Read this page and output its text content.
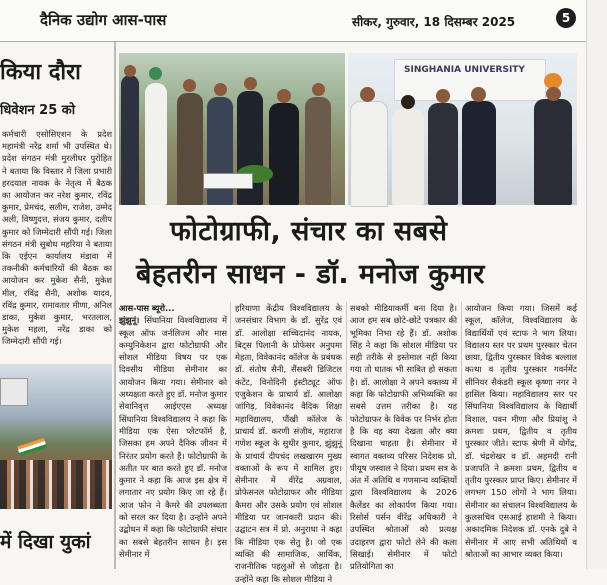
दैनिक उद्योग आस-पास	सीकर, गुरुवार, 18 दिसम्बर 2025	5
किया दौरा
धिवेशन 25 को
कर्मचारी एसोसिएशन के प्रदेश महामंत्री नरेंद्र शर्मा भी उपस्थित थे। प्रदेश संगठन मंत्री मुरलीधर पुरोहित ने बताया कि विस्तार में जिला प्रभारी हरदयाल नायक के नेतृत्व में बैठक का आयोजन कर नरेश कुमार, रविंद्र कुमार, प्रेमचंद, सलीम, राजेश, उम्मेद अली, विष्णुदत्त, संजय कुमार, दलीप कुमार को जिम्मेदारी सौंपी गई। जिला संगठन मंत्री सुबोध महरिया ने बताया कि एईएन कार्यालय मंडावा में तकनीकी कर्मचारियों की बैठक का आयोजन कर मुकेश सैनी, मुकेश मील, रविंद्र सैनी, अशोक यादव, रविंद्र कुमार, रामावतार मीणा, अनिल डाका, मुकेश कुमार, भरतलाल, मुकेश महला, नरेंद्र डाका को जिम्मेदारी सौंपी गई।
में दिखा युकां
SINGHANIA UNIVERSITY
फोटोग्राफी, संचार का सबसे
बेहतरीन साधन - डॉ. मनोज कुमार
आस-पास ब्यूरो...
झुंझुनूं। सिंघानिया विश्वविद्यालय में स्कूल ऑफ जर्नलिज्म और मास कम्युनिकेशन द्वारा फोटोग्राफी और सोशल मीडिया विषय पर एक दिवसीय मीडिया सेमीनार का आयोजन किया गया। सेमीनार को अध्यक्षता करते हुए डॉ. मनोज कुमार सेवानिवृत्त आईएएस अध्यक्ष सिंघानिया विश्वविद्यालय ने कहा कि मीडिया एक ऐसा प्लेटफॉर्म है, जिसका हम अपने दैनिक जीवन में निरंतर प्रयोग करते हैं। फोटोग्राफी के अतीत पर बात करते हुए डॉ. मनोज कुमार ने कहा कि आज इस क्षेत्र में लगातार नए प्रयोग किए जा रहे हैं। आज फोन ने कैमरे की उपलब्धता को सरल कर दिया है। उन्होंने अपने उद्बोधन में कहा कि फोटोग्राफी संचार का सबसे बेहतरीन साधन है। इस सेमीनार में
हरियाणा केंद्रीय विश्वविद्यालय के जनसंचार विभाग के डॉ. सुरेंद्र एवं डॉ. आलोक्षा सच्चिदानंद नायक, बिट्स पिलानी के प्रोफेसर अनुपमा मेहता, विवेकानंद कॉलेज के प्रबंधक डॉ. संतोष सैनी, सैंसबरी डिजिटल कंटेंट, विनोदिनी इंस्टीट्यूट ऑफ एजुकेशन के प्राचार्य डॉ. आलोक्षा जांगिड़, विवेकानंद वैदिक शिक्षा महाविद्यालय, पौंखी कॉलेज के प्राचार्य डॉ. करणी संजीव, महाराज गणेश स्कूल के सुधीर कुमार, झुंझुनूं के प्राचार्य दीपचंद लखखारम मुख्य वक्ताओं के रूप में शामिल हुए। सेमीनार में वीरेंद्र अग्रवाल, प्रोफेसनल फोटोग्राफर और मीडिया कैमरा और उसके प्रयोग एवं सोशल मीडिया पर जानकारी प्रदान की। उद्घाटन सत्र में प्रो. अनुराधा ने कहा कि मीडिया एक सेतु है। जो एक व्यक्ति की सामाजिक, आर्थिक, राजनीतिक पहलुओं से जोड़ता है। उन्होंने कहा कि सोशल मीडिया ने
सबको मीडियाकर्मी बना दिया है। आज हम सब छोटे-छोटे पत्रकार की भूमिका निभा रहे हैं। डॉ. अशोक सिंह ने कहा कि सोशल मीडिया पर सही तरीके से इस्तेमाल नहीं किया गया तो घातक भी साबित हो सकता है। डॉ. आलोक्षा ने अपने वक्तव्य में कहा कि फोटोग्राफी अभिव्यक्ति का सबसे उत्तम तरीका है। यह फोटोग्राफर के विवेक पर निर्भर होता है कि वह क्या देखता और क्या दिखाना चाहता है। सेमीनार में स्वागत वक्तव्य परिसर निदेशक प्रो. पीयूष जस्वाल ने दिया। प्रथम सत्र के अंत में अतिथि व गणमान्य व्यक्तियों द्वारा विश्वविद्यालय के 2026 कैलेंडर का लोकार्पण किया गया। रिसोर्स पर्सन वीरेंद्र अधिकारी ने उपस्थित श्रोताओं को प्रत्यक्ष उदाहरण द्वारा फोटो लेने की कला सिखाई। सेमीनार में फोटो प्रतियोगिता का
आयोजन किया गया। जिसमें कई स्कूल, कॉलेज, विश्वविद्यालय के विद्यार्थियों एवं स्टाफ ने भाग लिया। विद्यालय स्तर पर प्रथम पुरस्कार चेतन छाया, द्वितीय पुरस्कार विवेक बल्लाल कत्था व तृतीय पुरस्कार गवर्नमेंट सीनियर सैकंडरी स्कूल कृष्णा नगर ने हासिल किया। महाविद्यालय स्तर पर सिंघानिया विश्वविद्यालय के विद्यार्थी विशाल, पवन मीणा और प्रियांशु ने क्रमशः प्रथम, द्वितीय व तृतीय पुरस्कार जीते। स्टाफ श्रेणी में योगेंद्र, डॉ. चंद्रशेखर व डॉ. अहमदी रानी प्रजापति ने क्रमशः प्रथम, द्वितीय व तृतीय पुरस्कार प्राप्त किए। सेमीनार में लगभग 150 लोगों ने भाग लिया। सेमीनार का संचालन विश्वविद्यालय के कुलसचिव एसआई हाशमी ने किया। अकादमिक निदेशक डॉ. एनके दुबे ने सेमीनार में आए सभी अतिथियों व श्रोताओं का आभार व्यक्त किया।
